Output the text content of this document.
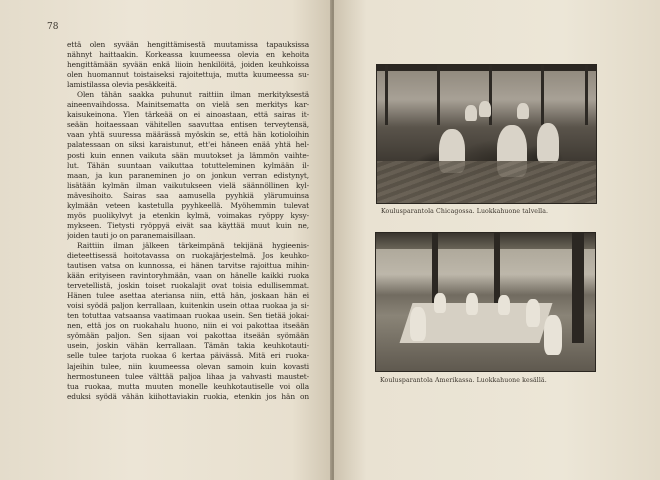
78
että olen syvään hengittämisestä muutamissa tapauksissa
nähnyt haittaakin. Korkeassa kuumeessa olevia en kehoita
hengittämään syvään enkä liioin henkilöitä, joiden keuhkoissa
olen huomannut toistaiseksi rajoitettuja, mutta kuumeessa su-
lamistilassa olevia pesäkkeitä.
Olen tähän saakka puhunut raittiin ilman merkityksestä
aineenvaihdossa. Mainitsematta on vielä sen merkitys kar-
kaisukeinona. Ylen tärkeää on ei ainoastaan, että sairas it-
seään hoitaessaan vähitellen saavuttaa entisen terveytensä,
vaan yhtä suuressa määrässä myöskin se, että hän kotioloihin
palatessaan on siksi karaistunut, ett'ei häneen enää yhtä hel-
posti kuin ennen vaikuta sään muutokset ja lämmön vaihte-
lut. Tähän suuntaan vaikuttaa totutteleminen kylmään il-
maan, ja kun paraneminen jo on jonkun verran edistynyt,
lisätään kylmän ilman vaikutukseen vielä säännöllinen kyl-
mävesihoito. Sairas saa aamusella pyyhkiä ylärumuinsa
kylmään veteen kastetulla pyyhkeellä. Myöhemmin tulevat
myös puolikylvyt ja etenkin kylmä, voimakas ryöppy kysy-
mykseen. Tietysti ryöppyä eivät saa käyttää muut kuin ne,
joiden tauti jo on paranemaisillaan.
Raittiin ilman jälkeen tärkeimpänä tekijänä hygieenis-
dieteettisessä hoitotavassa on ruokajärjestelmä. Jos keuhko-
tautisen vatsa on kunnossa, ei hänen tarvitse rajoittua mihin-
kään erityiseen ravintoryhmään, vaan on hänelle kaikki ruoka
tervetellistä, joskin toiset ruokalajit ovat toisia edullisemmat.
Hänen tulee asettaa ateriansa niin, että hän, joskaan hän ei
voisi syödä paljon kerrallaan, kuitenkin usein ottaa ruokaa ja si-
ten totuttaa vatsaansa vaatimaan ruokaa usein. Sen tietää jokai-
nen, että jos on ruokahalu huono, niin ei voi pakottaa itseään
syömään paljon. Sen sijaan voi pakottaa itseään syömään
usein, joskin vähän kerrallaan. Tämän takia keuhkotauti-
selle tulee tarjota ruokaa 6 kertaa päivässä. Mitä eri ruoka-
lajeihin tulee, niin kuumeessa olevan samoin kuin kovasti
hermostuneen tulee välttää paljoa lihaa ja vahvasti maustet-
tua ruokaa, mutta muuten monelle keuhkotautiselle voi olla
eduksi syödä vähän kiihottaviakin ruokia, etenkin jos hän on
Koulusparantola Chicagossa. Luokkahuone talvella.
Koulusparantola Amerikassa. Luokkahuone kesällä.
